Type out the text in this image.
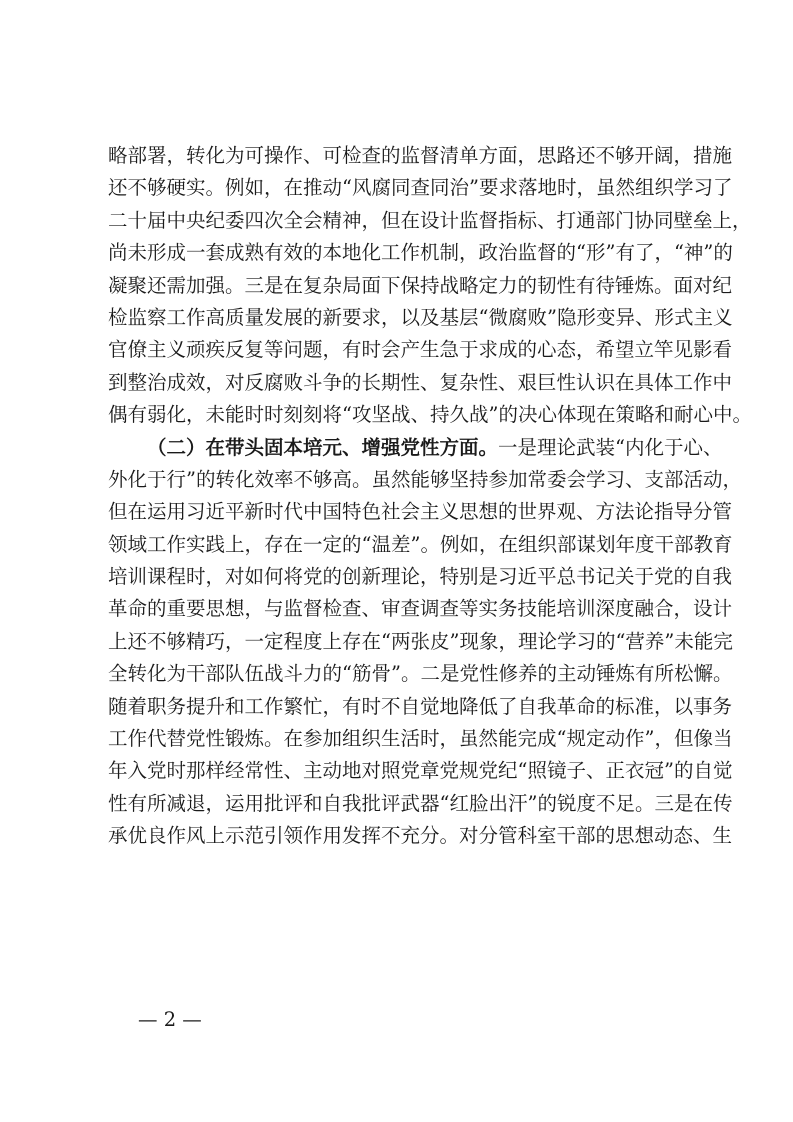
略部署，转化为可操作、可检查的监督清单方面，思路还不够开阔，措施
还不够硬实。例如，在推动“风腐同查同治”要求落地时，虽然组织学习了
二十届中央纪委四次全会精神，但在设计监督指标、打通部门协同壁垒上，
尚未形成一套成熟有效的本地化工作机制，政治监督的“形”有了，“神”的
凝聚还需加强。三是在复杂局面下保持战略定力的韧性有待锤炼。面对纪
检监察工作高质量发展的新要求，以及基层“微腐败”隐形变异、形式主义
官僚主义顽疾反复等问题，有时会产生急于求成的心态，希望立竿见影看
到整治成效，对反腐败斗争的长期性、复杂性、艰巨性认识在具体工作中
偶有弱化，未能时时刻刻将“攻坚战、持久战”的决心体现在策略和耐心中。
（二）在带头固本培元、增强党性方面。一是理论武装“内化于心、
外化于行”的转化效率不够高。虽然能够坚持参加常委会学习、支部活动，
但在运用习近平新时代中国特色社会主义思想的世界观、方法论指导分管
领域工作实践上，存在一定的“温差”。例如，在组织部谋划年度干部教育
培训课程时，对如何将党的创新理论，特别是习近平总书记关于党的自我
革命的重要思想，与监督检查、审查调查等实务技能培训深度融合，设计
上还不够精巧，一定程度上存在“两张皮”现象，理论学习的“营养”未能完
全转化为干部队伍战斗力的“筋骨”。二是党性修养的主动锤炼有所松懈。
随着职务提升和工作繁忙，有时不自觉地降低了自我革命的标准，以事务
工作代替党性锻炼。在参加组织生活时，虽然能完成“规定动作”，但像当
年入党时那样经常性、主动地对照党章党规党纪“照镜子、正衣冠”的自觉
性有所减退，运用批评和自我批评武器“红脸出汗”的锐度不足。三是在传
承优良作风上示范引领作用发挥不充分。对分管科室干部的思想动态、生
— 2 —
